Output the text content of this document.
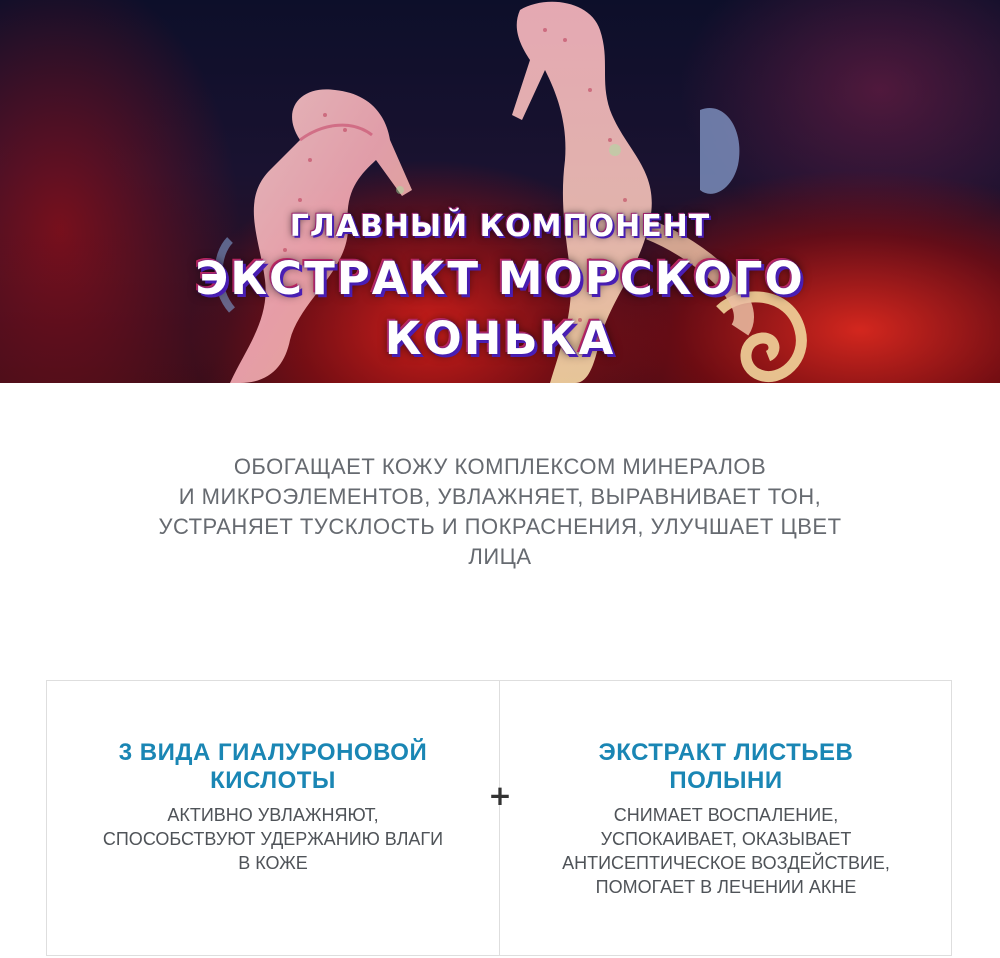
ГЛАВНЫЙ КОМПОНЕНТ
ЭКСТРАКТ МОРСКОГО
КОНЬКА
ОБОГАЩАЕТ КОЖУ КОМПЛЕКСОМ МИНЕРАЛОВ
И МИКРОЭЛЕМЕНТОВ, УВЛАЖНЯЕТ, ВЫРАВНИВАЕТ ТОН,
УСТРАНЯЕТ ТУСКЛОСТЬ И ПОКРАСНЕНИЯ, УЛУЧШАЕТ ЦВЕТ
ЛИЦА
3 ВИДА ГИАЛУРОНОВОЙ
КИСЛОТЫ
АКТИВНО УВЛАЖНЯЮТ,
СПОСОБСТВУЮТ УДЕРЖАНИЮ ВЛАГИ
В КОЖЕ
+
ЭКСТРАКТ ЛИСТЬЕВ
ПОЛЫНИ
СНИМАЕТ ВОСПАЛЕНИЕ,
УСПОКАИВАЕТ, ОКАЗЫВАЕТ
АНТИСЕПТИЧЕСКОЕ ВОЗДЕЙСТВИЕ,
ПОМОГАЕТ В ЛЕЧЕНИИ АКНЕ
